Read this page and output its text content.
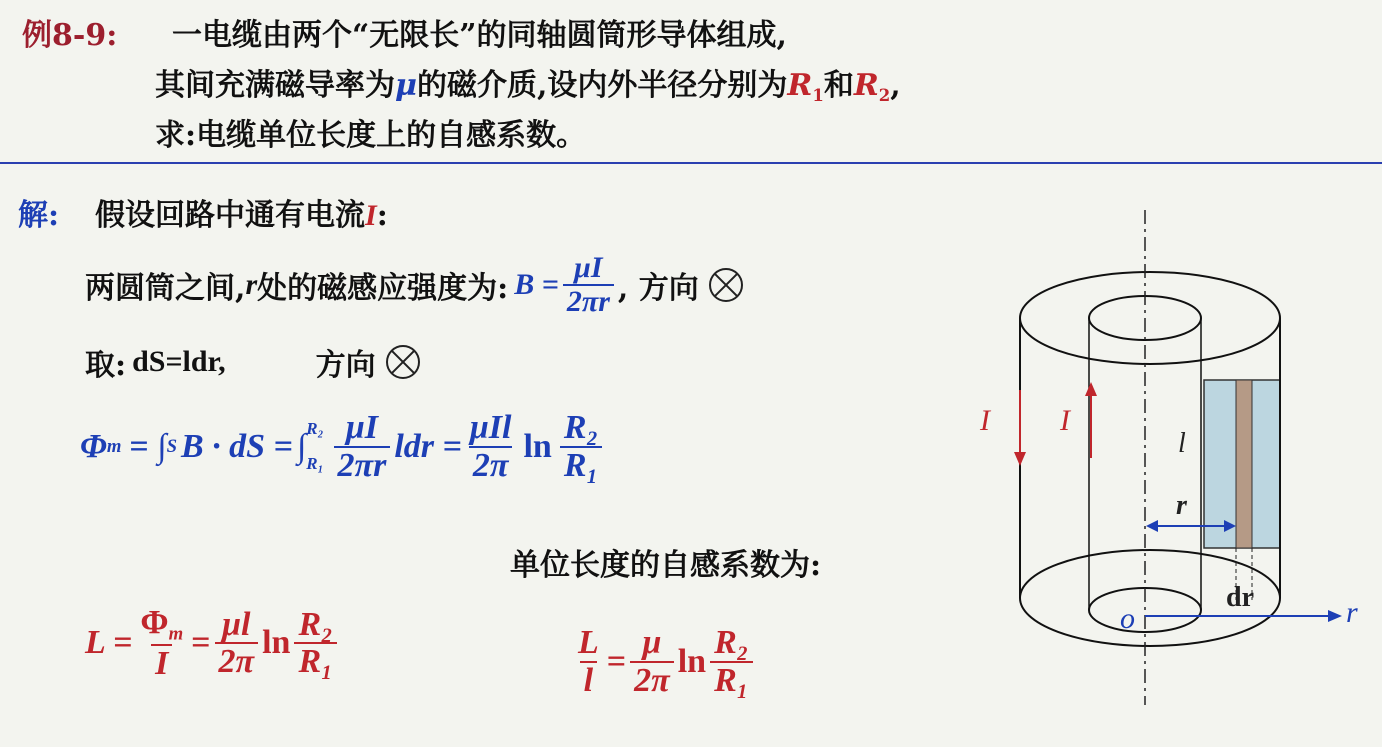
例8-9: 一电缆由两个“无限长”的同轴圆筒形导体组成,
其间充满磁导率为μ的磁介质,设内外半径分别为$R_1$和$R_2$,
求:电缆单位长度上的自感系数。
解: 假设回路中通有电流I:
两圆筒之间, r 处的磁感应强度为: $B = \frac{\mu I}{2\pi r}$ , 方向
取: dS=ldr,	方向
Φ m = ∫ S B · dS = ∫ R₂
$R_1 \frac{\mu I}{2\pi r}$ ldr = $\frac{\text{μIl}}{2\pi}$ $\ln \frac{\text{R₂}}{\text{R₁}}$
单位长度的自感系数为:
$L = \frac{\Phi_m}{I} = \frac{\mu l}{2\pi}$ $\ln \frac{\text{R₂}}{\text{R₁}}$	$\frac{L}{l} = \frac{\mu}{2\pi}$ $\ln \frac{\text{R₂}}{\text{R₁}}$
I I
l
r
dr
o	r
